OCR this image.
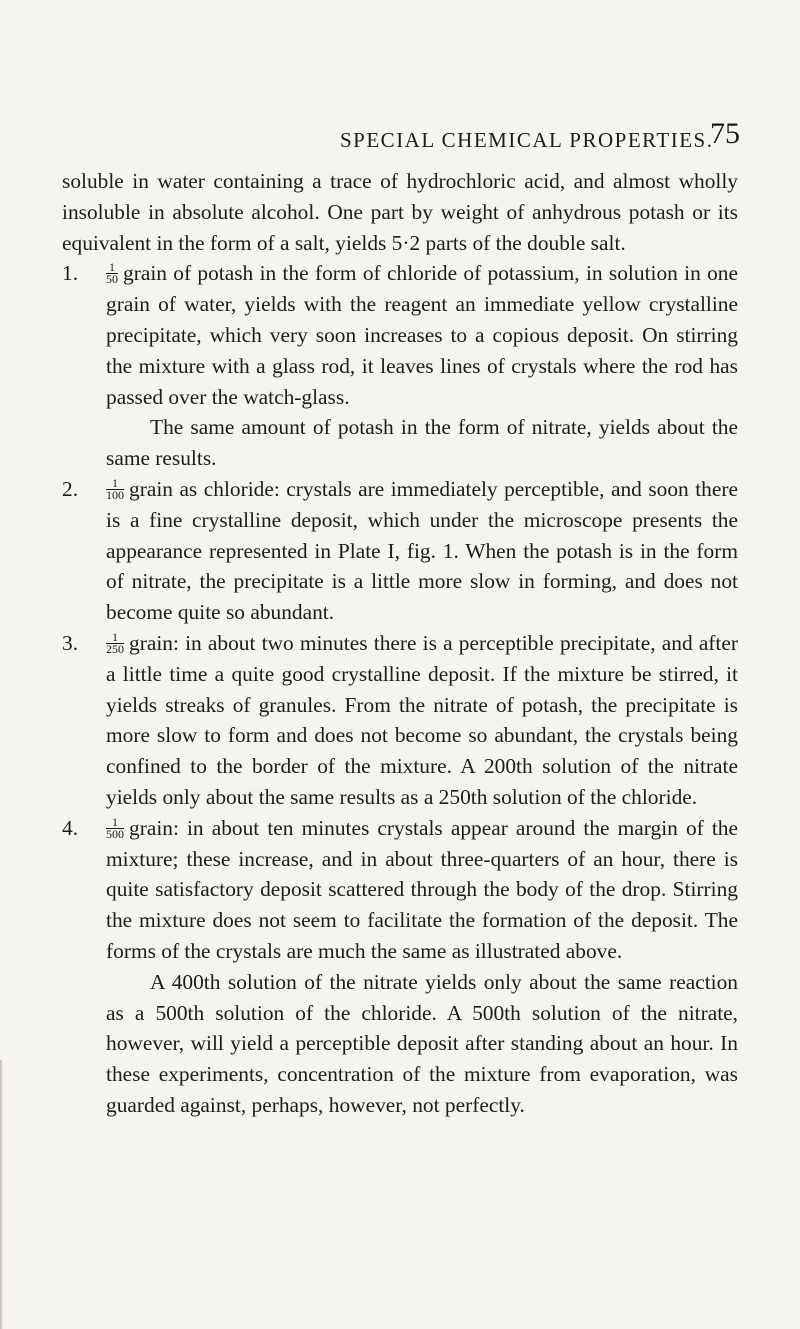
SPECIAL CHEMICAL PROPERTIES.
75

soluble in water containing a trace of hydrochloric acid, and almost wholly insoluble in absolute alcohol. One part by weight of anhydrous potash or its equivalent in the form of a salt, yields 5·2 parts of the double salt.

1. $\frac{1}{50}$ grain of potash in the form of chloride of potassium, in solution in one grain of water, yields with the reagent an immediate yellow crystalline precipitate, which very soon increases to a copious deposit. On stirring the mixture with a glass rod, it leaves lines of crystals where the rod has passed over the watch-glass.

The same amount of potash in the form of nitrate, yields about the same results.

2. $\frac{1}{100}$ grain as chloride: crystals are immediately perceptible, and soon there is a fine crystalline deposit, which under the microscope presents the appearance represented in Plate I, fig. 1. When the potash is in the form of nitrate, the precipitate is a little more slow in forming, and does not become quite so abundant.
3. $\frac{1}{250}$ grain: in about two minutes there is a perceptible precipitate, and after a little time a quite good crystalline deposit. If the mixture be stirred, it yields streaks of granules. From the nitrate of potash, the precipitate is more slow to form and does not become so abundant, the crystals being confined to the border of the mixture. A 200th solution of the nitrate yields only about the same results as a 250th solution of the chloride.
4. $\frac{1}{500}$ grain: in about ten minutes crystals appear around the margin of the mixture; these increase, and in about three-quarters of an hour, there is quite satisfactory deposit scattered through the body of the drop. Stirring the mixture does not seem to facilitate the formation of the deposit. The forms of the crystals are much the same as illustrated above.

A 400th solution of the nitrate yields only about the same reaction as a 500th solution of the chloride. A 500th solution of the nitrate, however, will yield a perceptible deposit after standing about an hour. In these experiments, concentration of the mixture from evaporation, was guarded against, perhaps, however, not perfectly.
